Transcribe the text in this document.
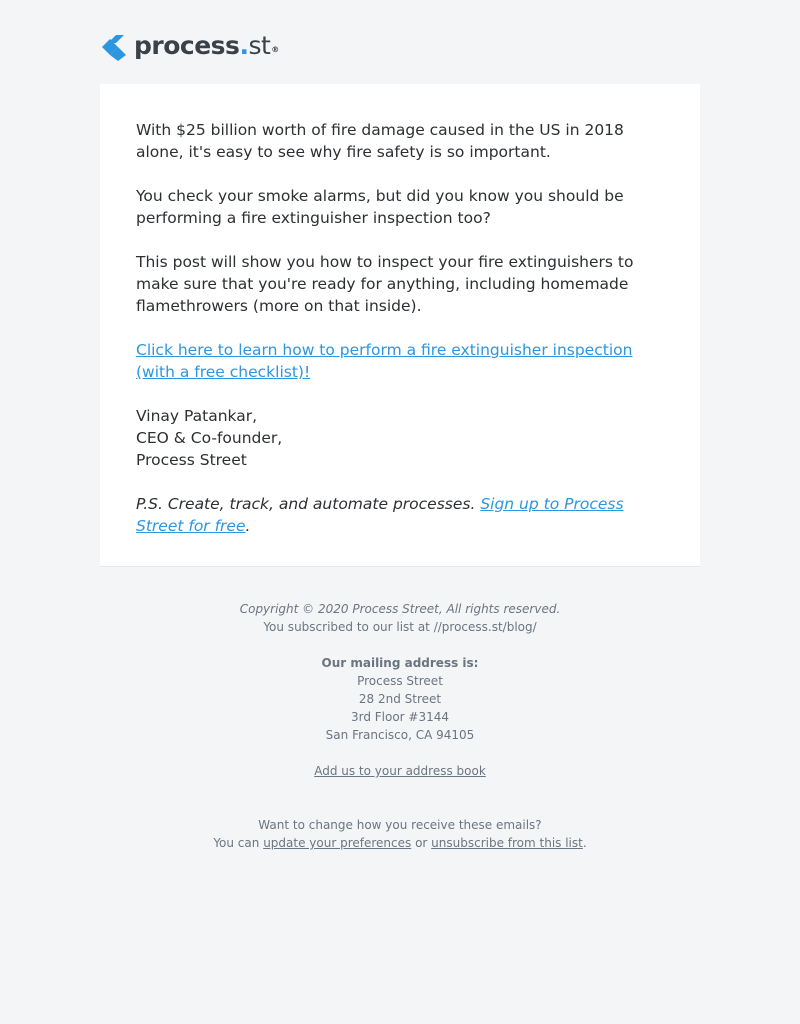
process.st®

With $25 billion worth of fire damage caused in the US in 2018 alone, it's easy to see why fire safety is so important.

You check your smoke alarms, but did you know you should be performing a fire extinguisher inspection too?

This post will show you how to inspect your fire extinguishers to make sure that you're ready for anything, including homemade flamethrowers (more on that inside).

Click here to learn how to perform a fire extinguisher inspection (with a free checklist)!

Vinay Patankar,
CEO & Co-founder,
Process Street

P.S. Create, track, and automate processes. Sign up to Process Street for free.

Copyright © 2020 Process Street, All rights reserved.

You subscribed to our list at //process.st/blog/

Our mailing address is:

Process Street

28 2nd Street

3rd Floor #3144

San Francisco, CA 94105

Add us to your address book

Want to change how you receive these emails?

You can update your preferences or unsubscribe from this list.
